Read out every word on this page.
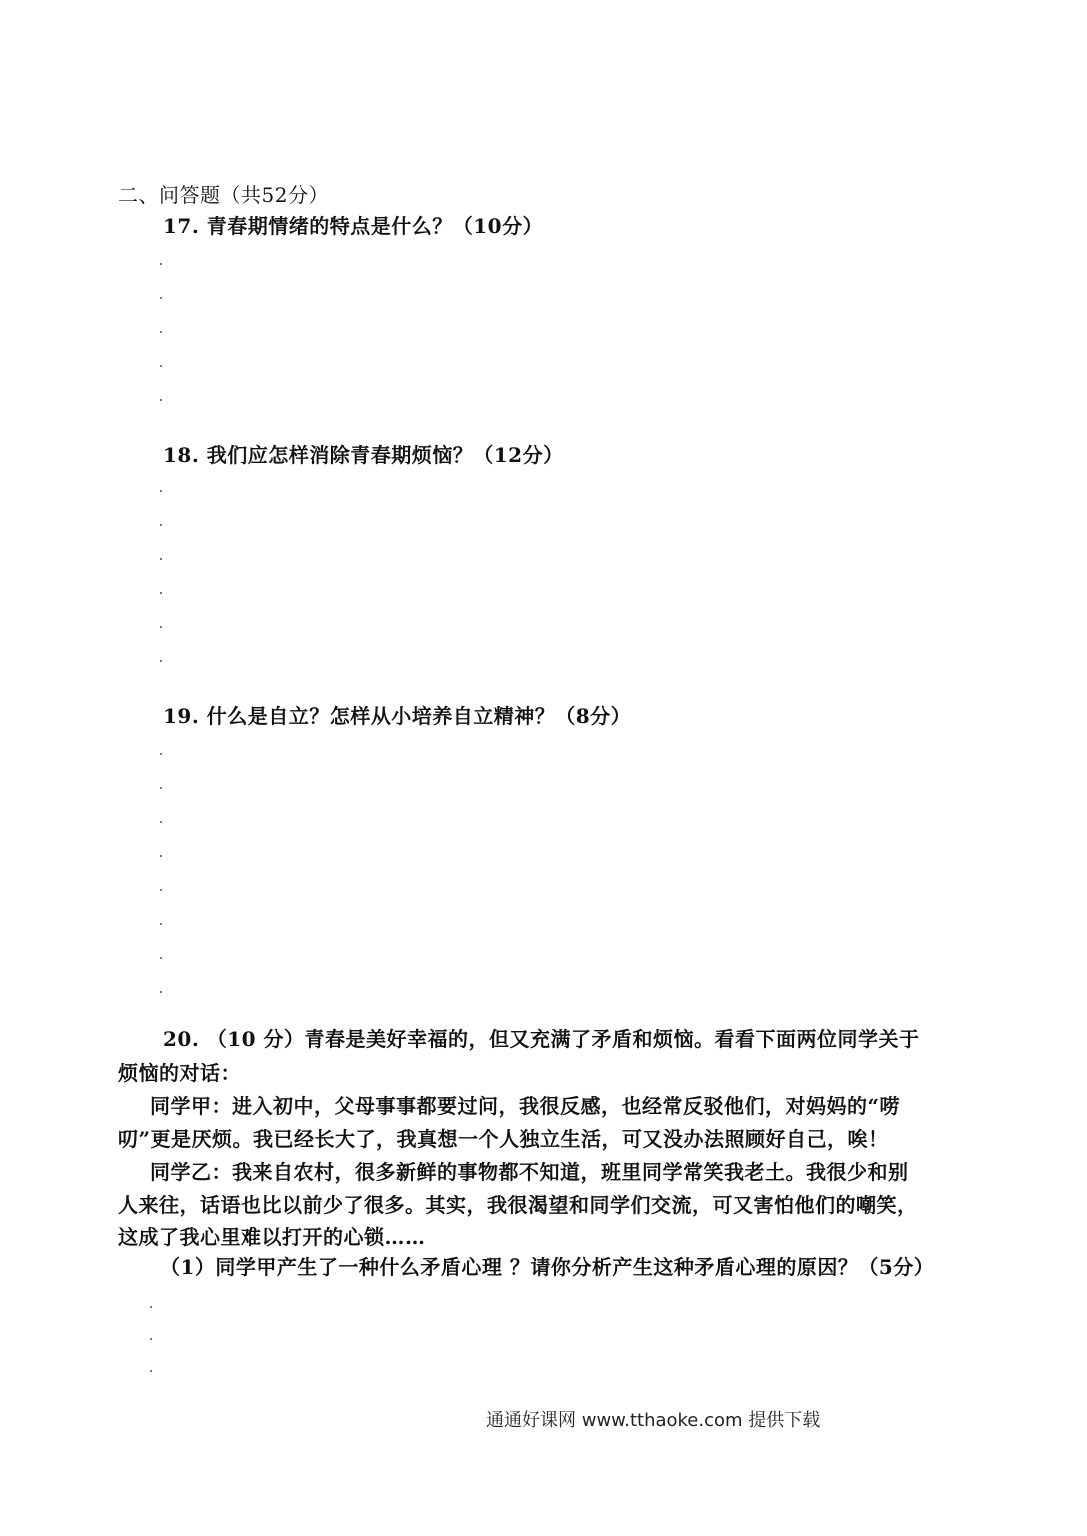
二、问答题（共52分）
17. 青春期情绪的特点是什么？（10分）
18. 我们应怎样消除青春期烦恼？（12分）
19. 什么是自立？怎样从小培养自立精神？（8分）
20. （10 分）青春是美好幸福的，但又充满了矛盾和烦恼。看看下面两位同学关于
烦恼的对话：
同学甲：进入初中，父母事事都要过问，我很反感，也经常反驳他们，对妈妈的“唠
叨”更是厌烦。我已经长大了，我真想一个人独立生活，可又没办法照顾好自己，唉！
同学乙：我来自农村，很多新鲜的事物都不知道，班里同学常笑我老土。我很少和别
人来往，话语也比以前少了很多。其实，我很渴望和同学们交流，可又害怕他们的嘲笑，
这成了我心里难以打开的心锁……
（1）同学甲产生了一种什么矛盾心理 ？请你分析产生这种矛盾心理的原因？（5分）
通通好课网 www.tthaoke.com 提供下载
